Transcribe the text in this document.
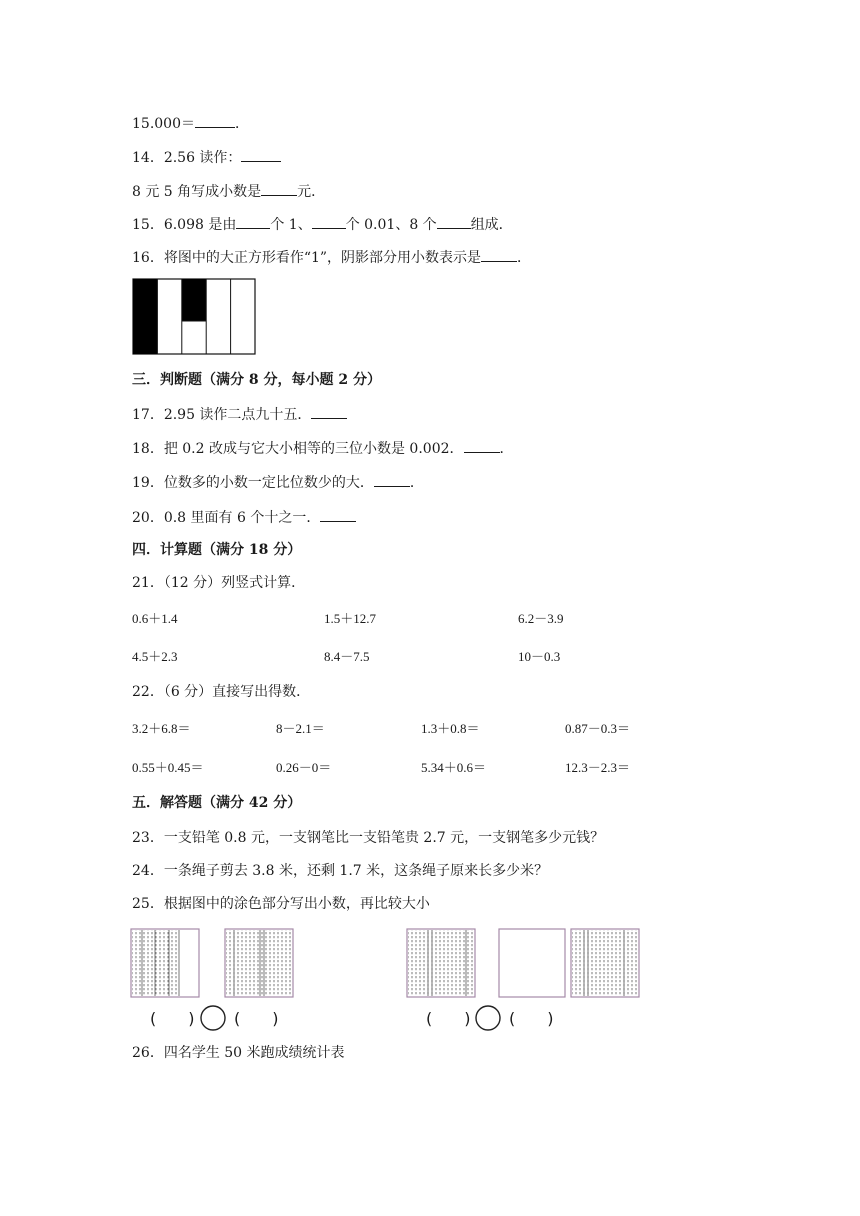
15.000＝	．
14．2.56 读作：
8 元 5 角写成小数是	元．
15．6.098 是由 个 1、 个 0.01、8 个 组成．
16．将图中的大正方形看作“1”，阴影部分用小数表示是	．
三．判断题（满分 8 分，每小题 2 分）
17．2.95 读作二点九十五．
18．把 0.2 改成与它大小相等的三位小数是 0.002．	．
19．位数多的小数一定比位数少的大．	．
20．0.8 里面有 6 个十之一．
四．计算题（满分 18 分）
21．（12 分）列竖式计算．
0.6＋1.4	1.5＋12.7	6.2－3.9
4.5＋2.3	8.4－7.5	10－0.3
22．（6 分）直接写出得数．
3.2＋6.8＝	8－2.1＝	1.3＋0.8＝	0.87－0.3＝
0.55＋0.45＝	0.26－0＝	5.34＋0.6＝	12.3－2.3＝
五．解答题（满分 42 分）
23．一支铅笔 0.8 元，一支钢笔比一支铅笔贵 2.7 元，一支钢笔多少元钱？
24．一条绳子剪去 3.8 米，还剩 1.7 米，这条绳子原来长多少米？
25．根据图中的涂色部分写出小数，再比较大小
(　　) (　　)	(　　) (　　)
26．四名学生 50 米跑成绩统计表
